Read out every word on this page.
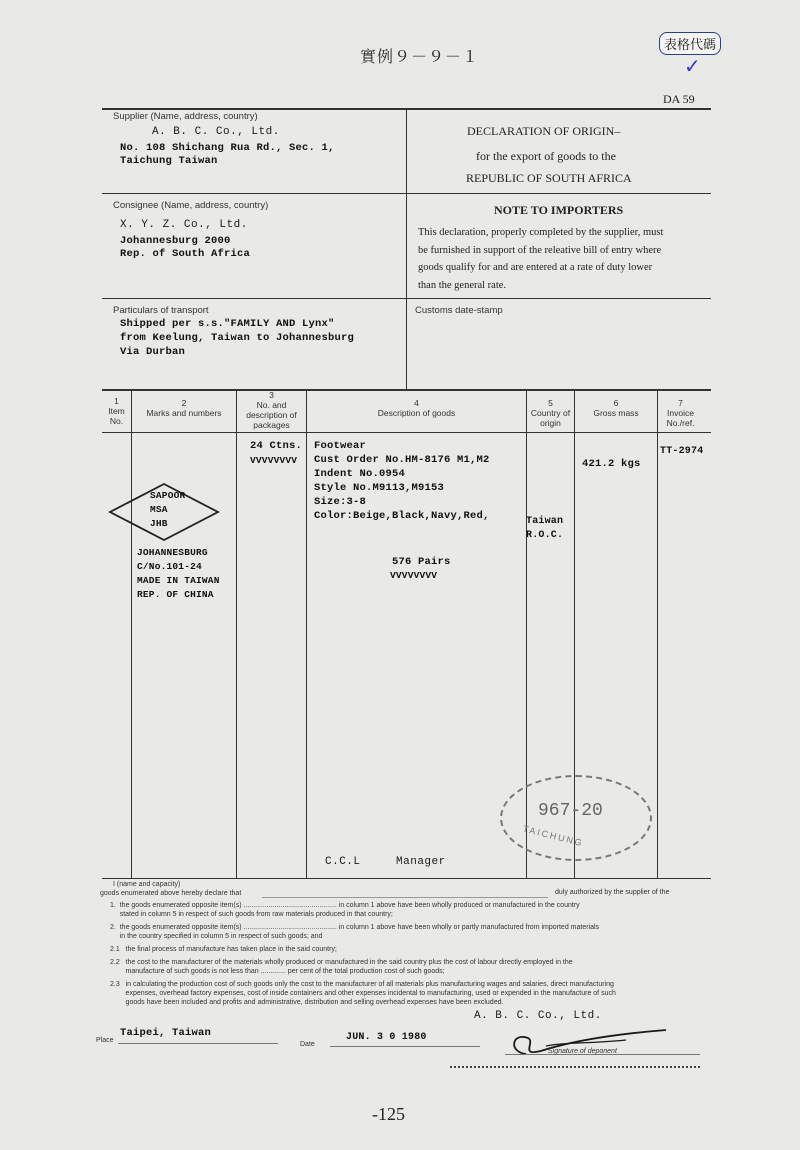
實例９－９－１
表格代碼
✓
DA 59
Supplier (Name, address, country)
A. B. C. Co., Ltd.
No. 108 Shichang Rua Rd., Sec. 1,
Taichung Taiwan
DECLARATION OF ORIGIN–
for the export of goods to the
REPUBLIC OF SOUTH AFRICA
Consignee (Name, address, country)
X. Y. Z. Co., Ltd.
Johannesburg 2000
Rep. of South Africa
NOTE TO IMPORTERS
This declaration, properly completed by the supplier, must
be furnished in support of the releative bill of entry where
goods qualify for and are entered at a rate of duty lower
than the general rate.
Particulars of transport
Shipped per s.s."FAMILY AND Lynx"
from Keelung, Taiwan to Johannesburg
Via Durban
Customs date-stamp
1
Item
No.
2
Marks and numbers
3
No. and
description of
packages
4
Description of goods
5
Country of
origin
6
Gross mass
7
Invoice
No./ref.
SAPOOR
MSA
JHB
JOHANNESBURG
C/No.101-24
MADE IN TAIWAN
REP. OF CHINA
24 Ctns.
VVVVVVVV
Footwear
Cust Order No.HM-8176 M1,M2
Indent No.0954
Style No.M9113,M9153
Size:3-8
Color:Beige,Black,Navy,Red,
576 Pairs
VVVVVVVV
C.C.L     Manager
Taiwan
R.O.C.
421.2 kgs
TT-2974
967-20
TAICHUNG
I (name and capacity)
duly authorized by the supplier of the
goods enumerated above hereby declare that
1.  the goods enumerated opposite item(s) ................................................ in column 1 above have been wholly produced or manufactured in the country
stated in column 5 in respect of such goods from raw materials produced in that country;
2.  the goods enumerated opposite item(s) ................................................ in column 1 above have been wholly or partly manufactured from imported materials
in the country specified in column 5 in respect of such goods; and
2.1   the final process of manufacture has taken place in the said country;
2.2   the cost to the manufacturer of the materials wholly produced or manufactured in the said country plus the cost of labour directly employed in the
manufacture of such goods is not less than ............. per cent of the total production cost of such goods;
2.3   in calculating the production cost of such goods only the cost to the manufacturer of all materials plus manufacturing wages and salaries, direct manufacturing
expenses, overhead factory expenses, cost of inside containers and other expenses incidental to manufacturing, used or expended in the manufacture of such
goods have been included and profits and administrative, distribution and selling overhead expenses have been excluded.
A. B. C. Co., Ltd.
Place
Taipei, Taiwan
Date
JUN. 3 0 1980
Signature of deponent
-125
